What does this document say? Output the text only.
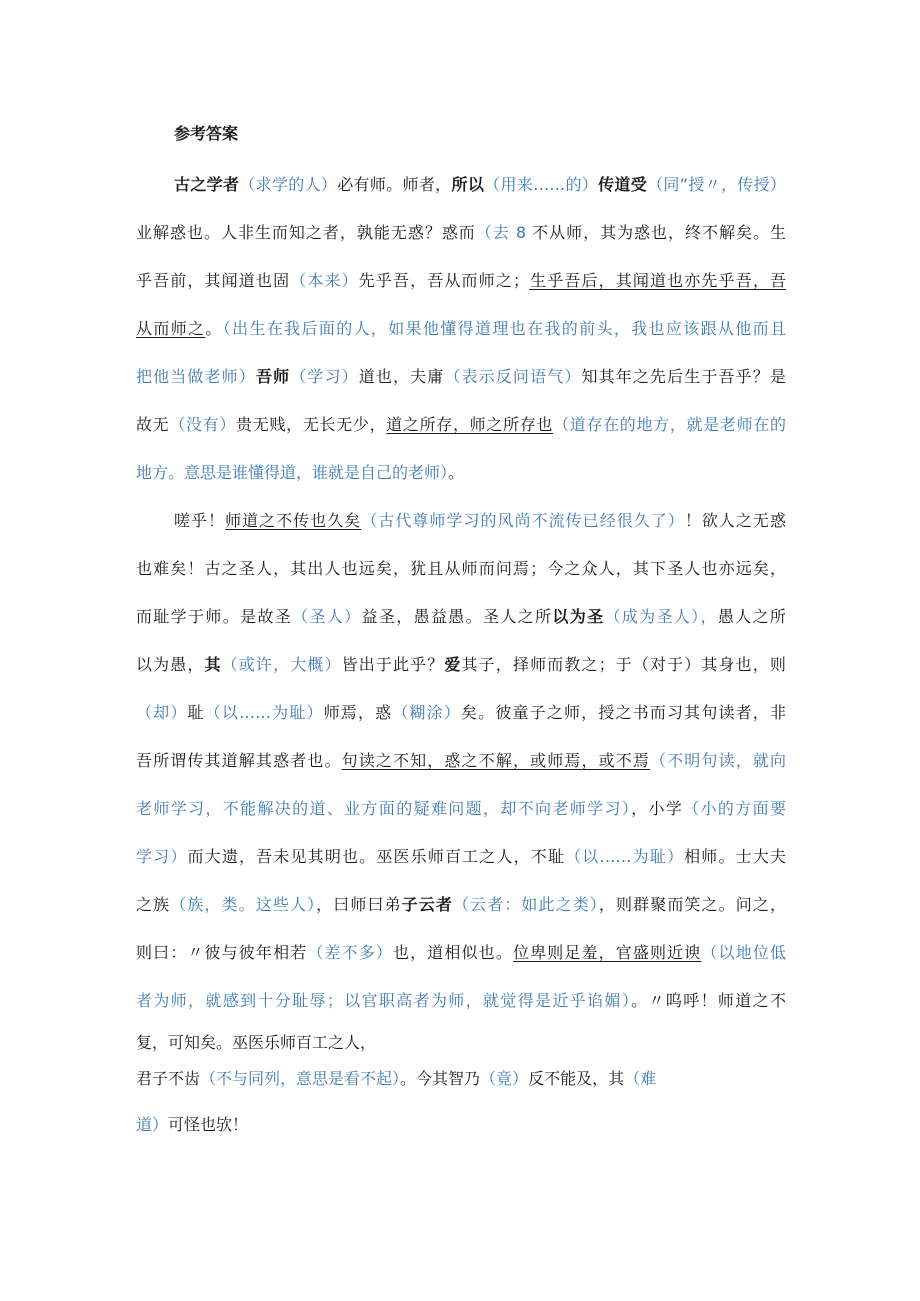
参考答案
古之学者（求学的人）必有师。师者，所以（用来……的）传道受（同”授〃，传授）
业解惑也。人非生而知之者，孰能无惑？惑而（去 8 不从师，其为惑也，终不解矣。生
乎吾前，其闻道也固（本来）先乎吾，吾从而师之；生乎吾后，其闻道也亦先乎吾，吾
从而师之。（出生在我后面的人，如果他懂得道理也在我的前头，我也应该跟从他而且
把他当做老师）吾师（学习）道也，夫庸（表示反问语气）知其年之先后生于吾乎？是
故无（没有）贵无贱，无长无少，道之所存，师之所存也（道存在的地方，就是老师在的
地方。意思是谁懂得道，谁就是自己的老师）。
嗟乎！师道之不传也久矣（古代尊师学习的风尚不流传已经很久了）！欲人之无惑
也难矣！古之圣人，其出人也远矣，犹且从师而问焉；今之众人，其下圣人也亦远矣，
而耻学于师。是故圣（圣人）益圣，愚益愚。圣人之所以为圣（成为圣人），愚人之所
以为愚，其（或许，大概）皆出于此乎？爱其子，择师而教之；于（对于）其身也，则
（却）耻（以……为耻）师焉，惑（糊涂）矣。彼童子之师，授之书而习其句读者，非
吾所谓传其道解其惑者也。句读之不知，惑之不解，或师焉，或不焉（不明句读，就向
老师学习，不能解决的道、业方面的疑难问题，却不向老师学习），小学（小的方面要
学习）而大遗，吾未见其明也。巫医乐师百工之人，不耻（以……为耻）相师。士大夫
之族（族，类。这些人），曰师曰弟子云者（云者：如此之类），则群聚而笑之。问之，
则曰：〃彼与彼年相若（差不多）也，道相似也。位卑则足羞，官盛则近谀（以地位低
者为师，就感到十分耻辱；以官职高者为师，就觉得是近乎谄媚）。〃呜呼！师道之不
复，可知矣。巫医乐师百工之人，
君子不齿（不与同列，意思是看不起）。今其智乃（竟）反不能及，其（难
道）可怪也欤！
